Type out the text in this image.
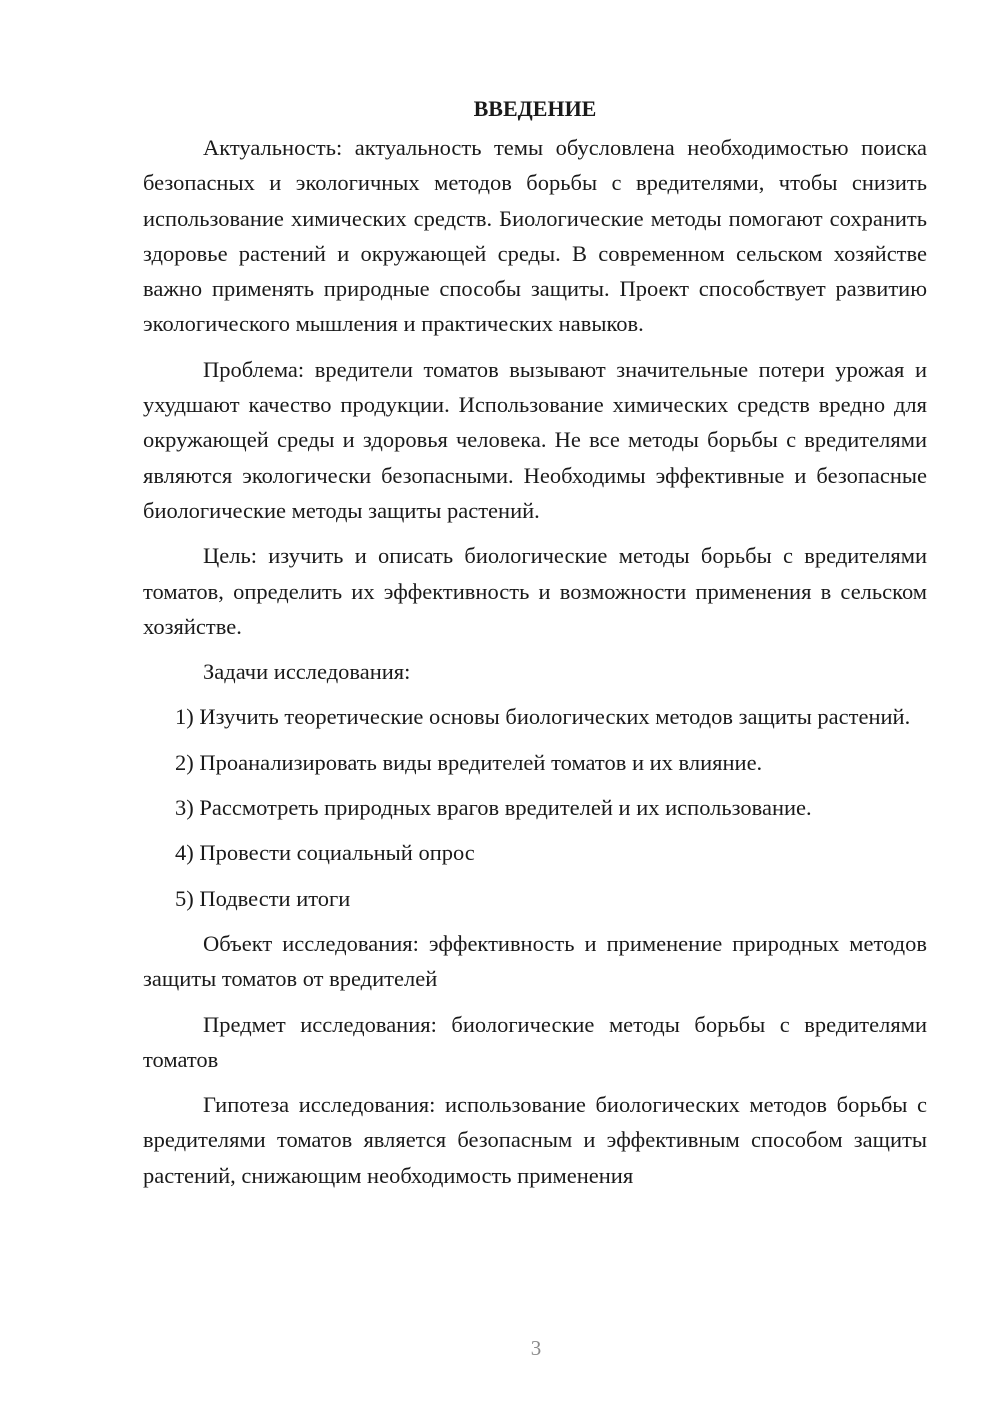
ВВЕДЕНИЕ

Актуальность: актуальность темы обусловлена необходимостью поиска безопасных и экологичных методов борьбы с вредителями, чтобы снизить использование химических средств. Биологические методы помогают сохранить здоровье растений и окружающей среды. В современном сельском хозяйстве важно применять природные способы защиты. Проект способствует развитию экологического мышления и практических навыков.

Проблема: вредители томатов вызывают значительные потери урожая и ухудшают качество продукции. Использование химических средств вредно для окружающей среды и здоровья человека. Не все методы борьбы с вредителями являются экологически безопасными. Необходимы эффективные и безопасные биологические методы защиты растений.

Цель: изучить и описать биологические методы борьбы с вредителями томатов, определить их эффективность и возможности применения в сельском хозяйстве.

Задачи исследования:

1) Изучить теоретические основы биологических методов защиты растений.

2) Проанализировать виды вредителей томатов и их влияние.

3) Рассмотреть природных врагов вредителей и их использование.

4) Провести социальный опрос

5) Подвести итоги

Объект исследования: эффективность и применение природных методов защиты томатов от вредителей

Предмет исследования: биологические методы борьбы с вредителями томатов

Гипотеза исследования: использование биологических методов борьбы с вредителями томатов является безопасным и эффективным способом защиты растений, снижающим необходимость применения

3
